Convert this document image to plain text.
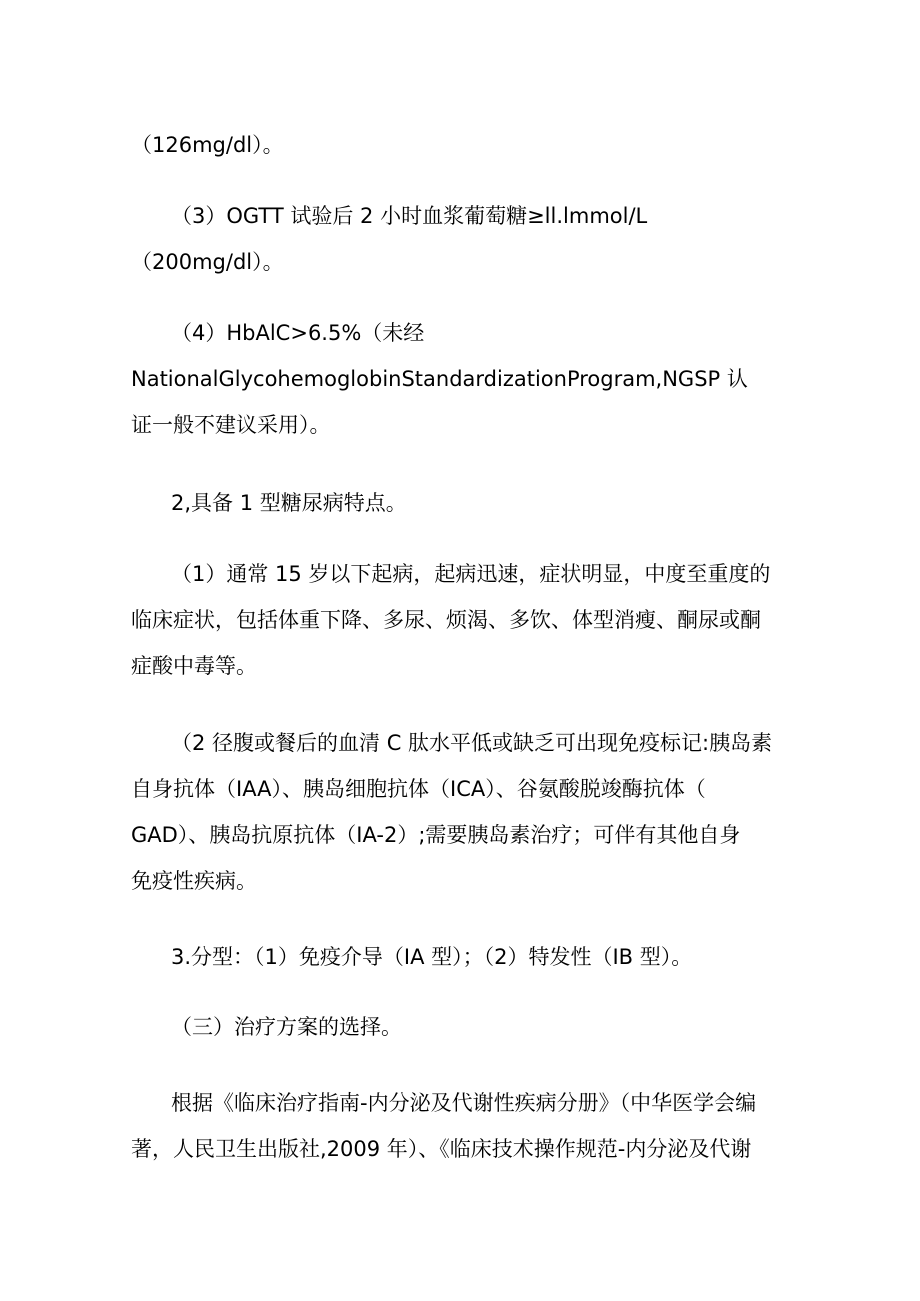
（126mg/dl）。

（3）OGTT 试验后 2 小时血浆葡萄糖≥ll.lmmol/L
（200mg/dl）。

（4）HbAlC>6.5%（未经
NationalGlycohemoglobinStandardizationProgram,NGSP 认
证一般不建议采用）。

2,具备 1 型糖尿病特点。

（1）通常 15 岁以下起病，起病迅速，症状明显，中度至重度的
临床症状，包括体重下降、多尿、烦渴、多饮、体型消瘦、酮尿或酮
症酸中毒等。

（2 径腹或餐后的血清 C 肽水平低或缺乏可出现免疫标记:胰岛素
自身抗体（IAA）、胰岛细胞抗体（ICA）、谷氨酸脱竣酶抗体（
GAD）、胰岛抗原抗体（IA-2）;需要胰岛素治疗；可伴有其他自身
免疫性疾病。

3.分型：（1）免疫介导（IA 型）；（2）特发性（IB 型）。

（三）治疗方案的选择。

根据《临床治疗指南-内分泌及代谢性疾病分册》（中华医学会编
著，人民卫生出版社,2009 年）、《临床技术操作规范-内分泌及代谢
